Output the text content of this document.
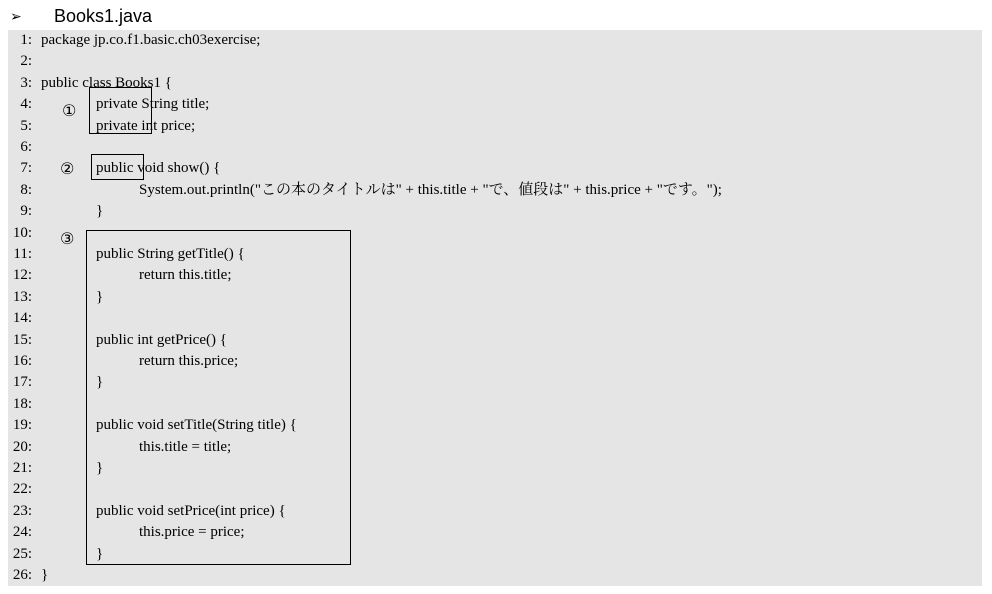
➢	Books1.java
26: }
25:	}
24:	this.price = price;
23:	public void setPrice(int price) {
22:
21:	}
20:	this.title = title;
19:	public void setTitle(String title) {
18:
17:	}
16:	return this.price;
15:	public int getPrice() {
14:
13:	}
12:	return this.title;
11:	public String getTitle() {
10:
9:	}
8:	System.out.println("この本のタイトルは" + this.title + "で、値段は" + this.price + "です。");
7:	public void show() {
6:
5:	private int price;
4:	private String title;
3: public class Books1 {
2:
1: package jp.co.f1.basic.ch03exercise;
①
②
③
